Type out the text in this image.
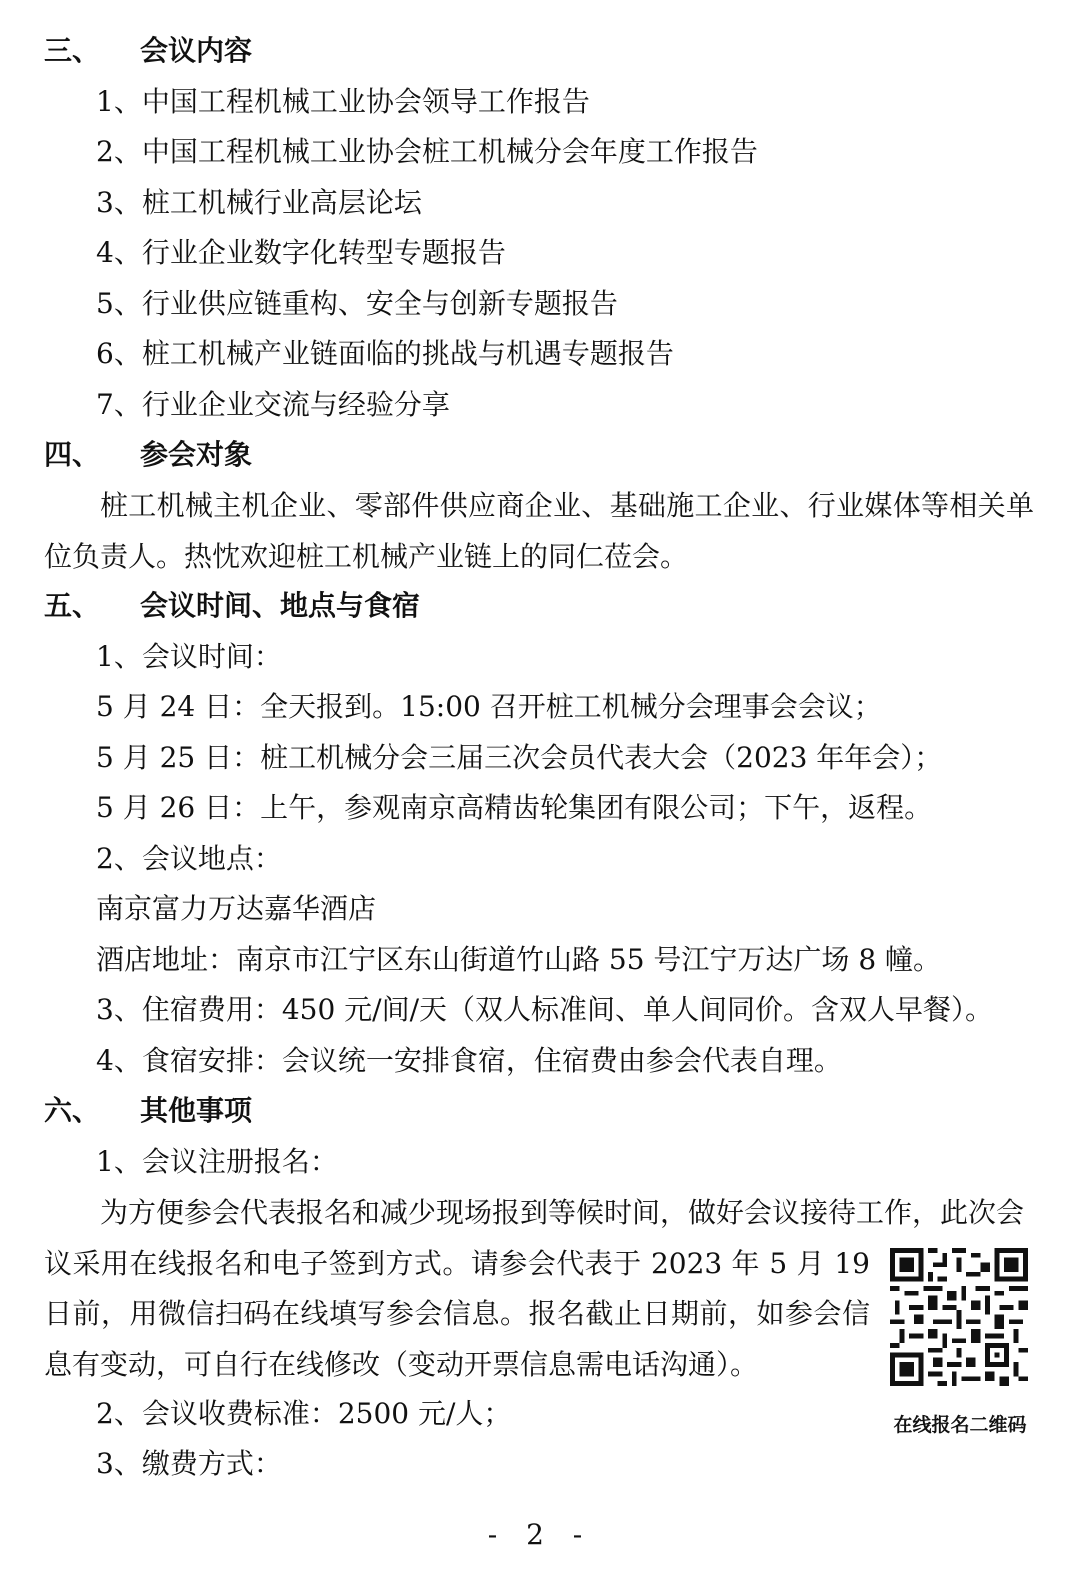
三、 会议内容
1、中国工程机械工业协会领导工作报告
2、中国工程机械工业协会桩工机械分会年度工作报告
3、桩工机械行业高层论坛
4、行业企业数字化转型专题报告
5、行业供应链重构、安全与创新专题报告
6、桩工机械产业链面临的挑战与机遇专题报告
7、行业企业交流与经验分享
四、 参会对象

桩工机械主机企业、零部件供应商企业、基础施工企业、行业媒体等相关单位负责人。热忱欢迎桩工机械产业链上的同仁莅会。

五、 会议时间、地点与食宿
1、会议时间：
5 月 24 日：全天报到。15:00 召开桩工机械分会理事会会议；
5 月 25 日：桩工机械分会三届三次会员代表大会（2023 年年会）；
5 月 26 日：上午，参观南京高精齿轮集团有限公司；下午，返程。
2、会议地点：
南京富力万达嘉华酒店
酒店地址：南京市江宁区东山街道竹山路 55 号江宁万达广场 8 幢。
3、住宿费用：450 元/间/天（双人标准间、单人间同价。含双人早餐）。
4、食宿安排：会议统一安排食宿，住宿费由参会代表自理。
六、 其他事项
1、会议注册报名：

为方便参会代表报名和减少现场报到等候时间，做好会议接待工作，此次会

议采用在线报名和电子签到方式。请参会代表于 2023 年 5 月 19 日前，用微信扫码在线填写参会信息。报名截止日期前，如参会信息有变动，可自行在线修改（变动开票信息需电话沟通）。

2、会议收费标准：2500 元/人；
3、缴费方式：
在线报名二维码
- 2 -
